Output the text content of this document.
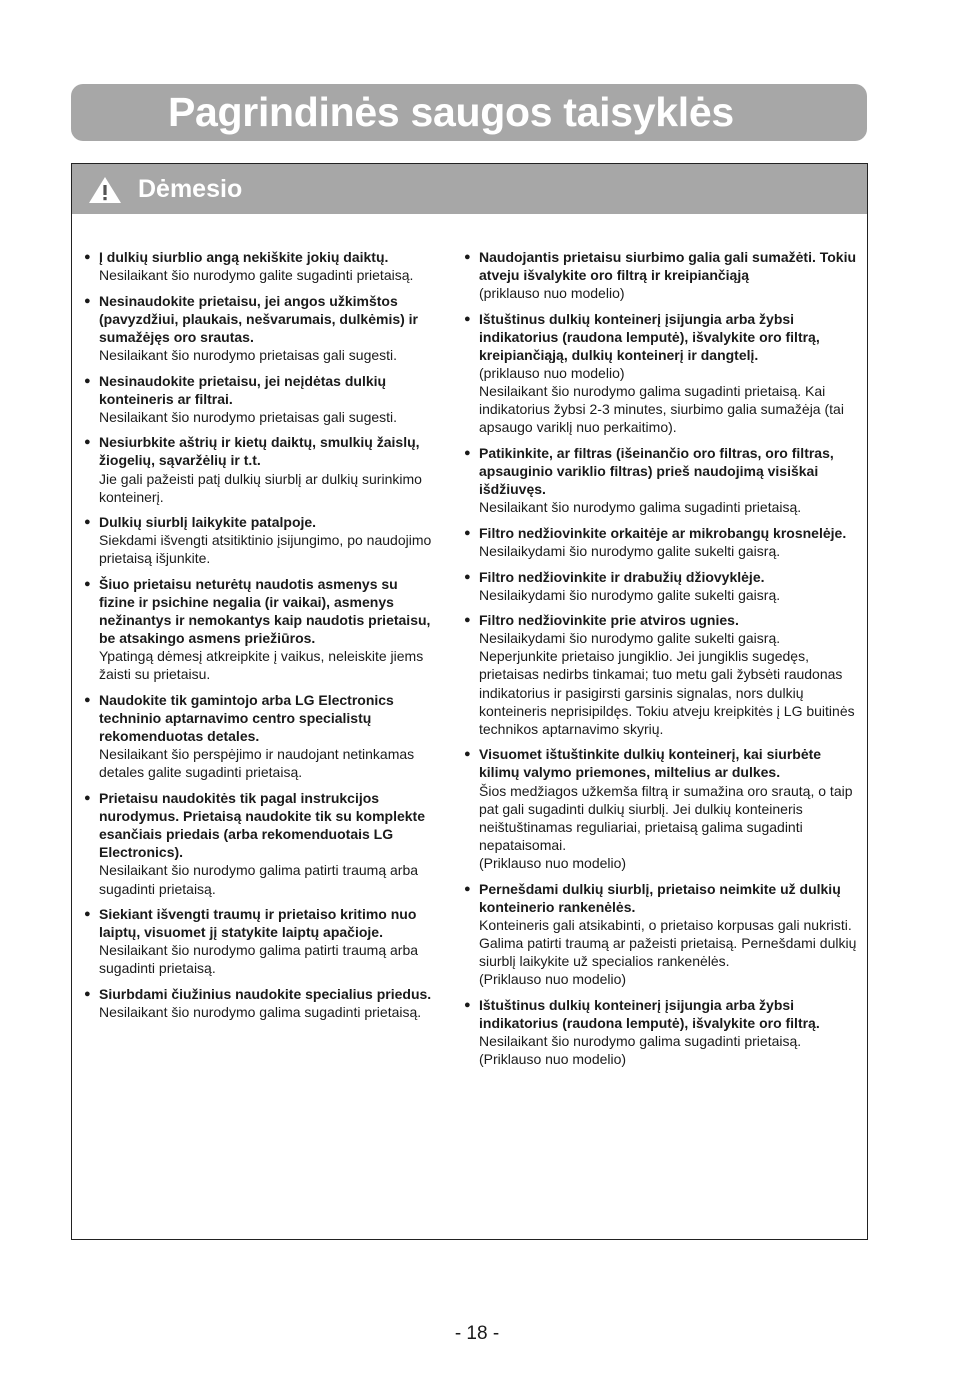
Pagrindinės saugos taisyklės
Dėmesio
● Į dulkių siurblio angą nekiškite jokių daiktų.
Nesilaikant šio nurodymo galite sugadinti prietaisą.
● Nesinaudokite prietaisu, jei angos užkimštos (pavyzdžiui, plaukais, nešvarumais, dulkėmis) ir sumažėjęs oro srautas.
Nesilaikant šio nurodymo prietaisas gali sugesti.
● Nesinaudokite prietaisu, jei neįdėtas dulkių konteineris ar filtrai.
Nesilaikant šio nurodymo prietaisas gali sugesti.
● Nesiurbkite aštrių ir kietų daiktų, smulkių žaislų, žiogelių, sąvaržėlių ir t.t.
Jie gali pažeisti patį dulkių siurblį ar dulkių surinkimo konteinerį.
● Dulkių siurblį laikykite patalpoje.
Siekdami išvengti atsitiktinio įsijungimo, po naudojimo prietaisą išjunkite.
● Šiuo prietaisu neturėtų naudotis asmenys su fizine ir psichine negalia (ir vaikai), asmenys nežinantys ir nemokantys kaip naudotis prietaisu, be atsakingo asmens priežiūros.
Ypatingą dėmesį atkreipkite į vaikus, neleiskite jiems žaisti su prietaisu.
● Naudokite tik gamintojo arba LG Electronics techninio aptarnavimo centro specialistų rekomenduotas detales.
Nesilaikant šio perspėjimo ir naudojant netinkamas detales galite sugadinti prietaisą.
● Prietaisu naudokitės tik pagal instrukcijos nurodymus. Prietaisą naudokite tik su komplekte esančiais priedais (arba rekomenduotais LG Electronics).
Nesilaikant šio nurodymo galima patirti traumą arba sugadinti prietaisą.
● Siekiant išvengti traumų ir prietaiso kritimo nuo laiptų, visuomet jį statykite laiptų apačioje.
Nesilaikant šio nurodymo galima patirti traumą arba sugadinti prietaisą.
● Siurbdami čiužinius naudokite specialius priedus.
Nesilaikant šio nurodymo galima sugadinti prietaisą.
● Naudojantis prietaisu siurbimo galia gali sumažėti. Tokiu atveju išvalykite oro filtrą ir kreipiančiąją
(priklauso nuo modelio)
● Ištuštinus dulkių konteinerį įsijungia arba žybsi indikatorius (raudona lemputė), išvalykite oro filtrą, kreipiančiąją, dulkių konteinerį ir dangtelį.
(priklauso nuo modelio)
Nesilaikant šio nurodymo galima sugadinti prietaisą. Kai indikatorius žybsi 2-3 minutes, siurbimo galia sumažėja (tai apsaugo variklį nuo perkaitimo).
● Patikinkite, ar filtras (išeinančio oro filtras, oro filtras, apsauginio variklio filtras) prieš naudojimą visiškai išdžiuvęs.
Nesilaikant šio nurodymo galima sugadinti prietaisą.
● Filtro nedžiovinkite orkaitėje ar mikrobangų krosnelėje.
Nesilaikydami šio nurodymo galite sukelti gaisrą.
● Filtro nedžiovinkite ir drabužių džiovyklėje.
Nesilaikydami šio nurodymo galite sukelti gaisrą.
● Filtro nedžiovinkite prie atviros ugnies.
Nesilaikydami šio nurodymo galite sukelti gaisrą.
Neperjunkite prietaiso jungiklio. Jei jungiklis sugedęs, prietaisas nedirbs tinkamai; tuo metu gali žybsėti raudonas indikatorius ir pasigirsti garsinis signalas, nors dulkių konteineris neprisipildęs. Tokiu atveju kreipkitės į LG buitinės technikos aptarnavimo skyrių.
● Visuomet ištuštinkite dulkių konteinerį, kai siurbėte kilimų valymo priemones, miltelius ar dulkes.
Šios medžiagos užkemša filtrą ir sumažina oro srautą, o taip pat gali sugadinti dulkių siurblį. Jei dulkių konteineris neištuštinamas reguliariai, prietaisą galima sugadinti nepataisomai.
(Priklauso nuo modelio)
● Pernešdami dulkių siurblį, prietaiso neimkite už dulkių konteinerio rankenėlės.
Konteineris gali atsikabinti, o prietaiso korpusas gali nukristi. Galima patirti traumą ar pažeisti prietaisą. Pernešdami dulkių siurblį laikykite už specialios rankenėlės.
(Priklauso nuo modelio)
● Ištuštinus dulkių konteinerį įsijungia arba žybsi indikatorius (raudona lemputė), išvalykite oro filtrą.
Nesilaikant šio nurodymo galima sugadinti prietaisą. (Priklauso nuo modelio)
- 18 -
